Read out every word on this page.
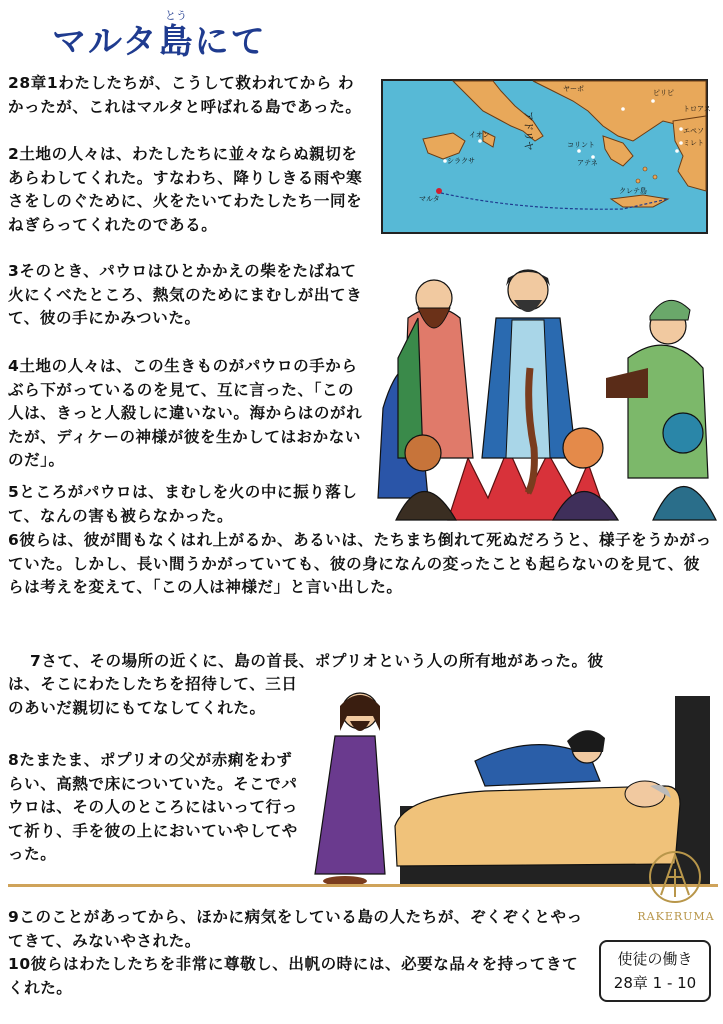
マルタ島にて
とう

28章1わたしたちが、こうして救われてから わかったが、これはマルタと呼ばれる島であった。

2土地の人々は、わたしたちに並々ならぬ親切をあらわしてくれた。すなわち、降りしきる雨や寒さをしのぐために、火をたいてわたしたち一同をねぎらってくれたのである。

3そのとき、パウロはひとかかえの柴をたばねて火にくべたところ、熱気のためにまむしが出てきて、彼の手にかみついた。

4土地の人々は、この生きものがパウロの手からぶら下がっているのを見て、互に言った、「この人は、きっと人殺しに違いない。海からはのがれたが、ディケーの神様が彼を生かしてはおかないのだ」。

5ところがパウロは、まむしを火の中に振り落して、なんの害も被らなかった。

6彼らは、彼が間もなくはれ上がるか、あるいは、たちまち倒れて死ぬだろうと、様子をうかがっていた。しかし、長い間うかがっていても、彼の身になんの変ったことも起らないのを見て、彼らは考えを変えて、「この人は神様だ」と言い出した。

7さて、その場所の近くに、島の首長、ポプリオという人の所有地があった。彼

は、そこにわたしたちを招待して、三日のあいだ親切にもてなしてくれた。

8たまたま、ポプリオの父が赤痢をわずらい、高熱で床についていた。そこでパウロは、その人のところにはいって行って祈り、手を彼の上においていやしてやった。

9このことがあってから、ほかに病気をしている島の人たちが、ぞくぞくとやってきて、みないやされた。

10彼らはわたしたちを非常に尊敬し、出帆の時には、必要な品々を持ってきてくれた。

アドリヤ
ヤーポ	ピリピ
トロアス
イオン
シラクサ
コリント
アテネ
エペソ
ミレト
マルタ
クレテ島
RAKERUMA
使徒の働き
28章 1 - 10
